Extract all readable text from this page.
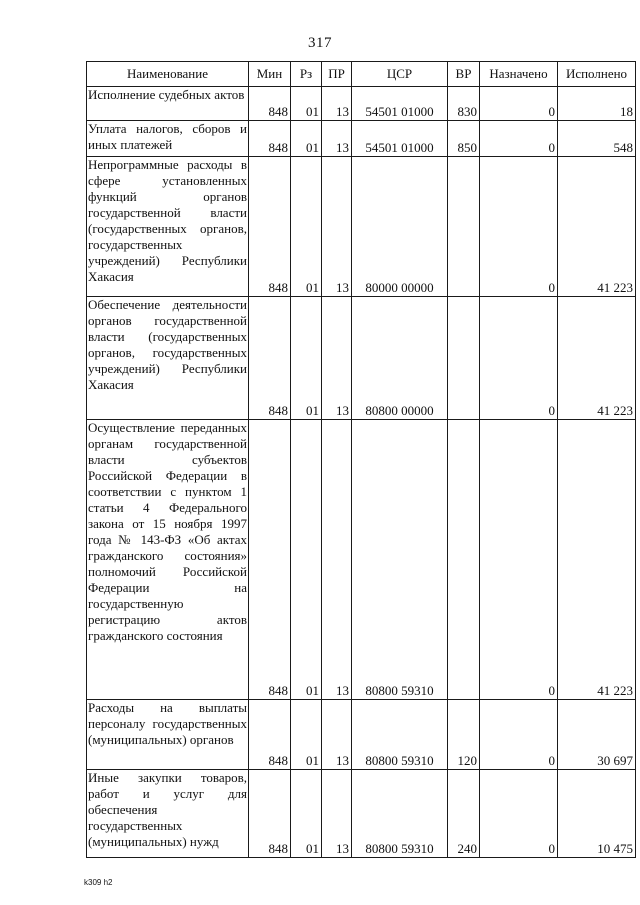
317
Наименование	Мин	Рз	ПР	ЦСР	ВР	Назначено	Исполнено
Исполнение судебных актов	848	01	13	54501 01000	830	0	18
Уплата налогов, сборов и иных платежей	848	01	13	54501 01000	850	0	548
Непрограммные расходы в сфере установленных функций органов государственной власти (государственных органов, государственных учреждений) Республики Хакасия	848	01	13	80000 00000		0	41 223
Обеспечение деятельности органов государственной власти (государственных органов, государственных учреждений) Республики Хакасия	848	01	13	80800 00000		0	41 223
Осуществление переданных органам государственной власти субъектов Российской Федерации в соответствии с пунктом 1 статьи 4 Федерального закона от 15 ноября 1997 года № 143-ФЗ «Об актах гражданского состояния» полномочий Российской Федерации на государственную регистрацию актов гражданского состояния	848	01	13	80800 59310		0	41 223
Расходы на выплаты персоналу государственных (муниципальных) органов	848	01	13	80800 59310	120	0	30 697
Иные закупки товаров, работ и услуг для обеспечения государственных (муниципальных) нужд	848	01	13	80800 59310	240	0	10 475
k309 h2
